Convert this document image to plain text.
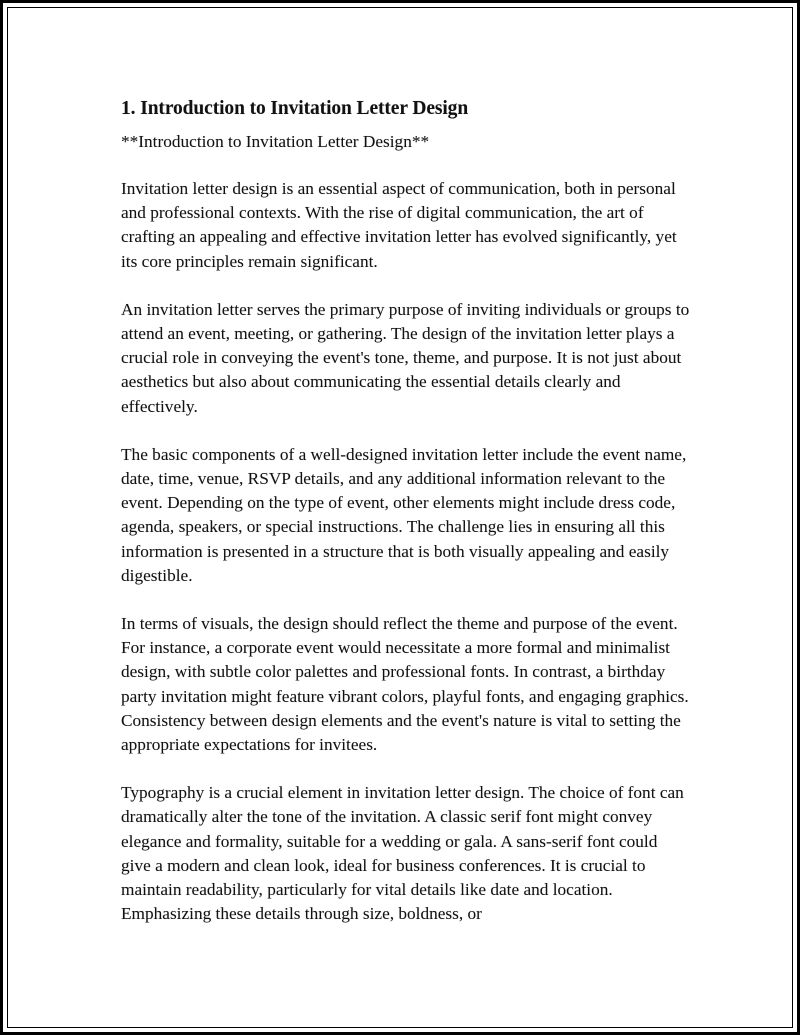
1. Introduction to Invitation Letter Design
**Introduction to Invitation Letter Design**
Invitation letter design is an essential aspect of communication, both in personal and professional contexts. With the rise of digital communication, the art of crafting an appealing and effective invitation letter has evolved significantly, yet its core principles remain significant.
An invitation letter serves the primary purpose of inviting individuals or groups to attend an event, meeting, or gathering. The design of the invitation letter plays a crucial role in conveying the event's tone, theme, and purpose. It is not just about aesthetics but also about communicating the essential details clearly and effectively.
The basic components of a well-designed invitation letter include the event name, date, time, venue, RSVP details, and any additional information relevant to the event. Depending on the type of event, other elements might include dress code, agenda, speakers, or special instructions. The challenge lies in ensuring all this information is presented in a structure that is both visually appealing and easily digestible.
In terms of visuals, the design should reflect the theme and purpose of the event. For instance, a corporate event would necessitate a more formal and minimalist design, with subtle color palettes and professional fonts. In contrast, a birthday party invitation might feature vibrant colors, playful fonts, and engaging graphics. Consistency between design elements and the event's nature is vital to setting the appropriate expectations for invitees.
Typography is a crucial element in invitation letter design. The choice of font can dramatically alter the tone of the invitation. A classic serif font might convey elegance and formality, suitable for a wedding or gala. A sans-serif font could give a modern and clean look, ideal for business conferences. It is crucial to maintain readability, particularly for vital details like date and location. Emphasizing these details through size, boldness, or
